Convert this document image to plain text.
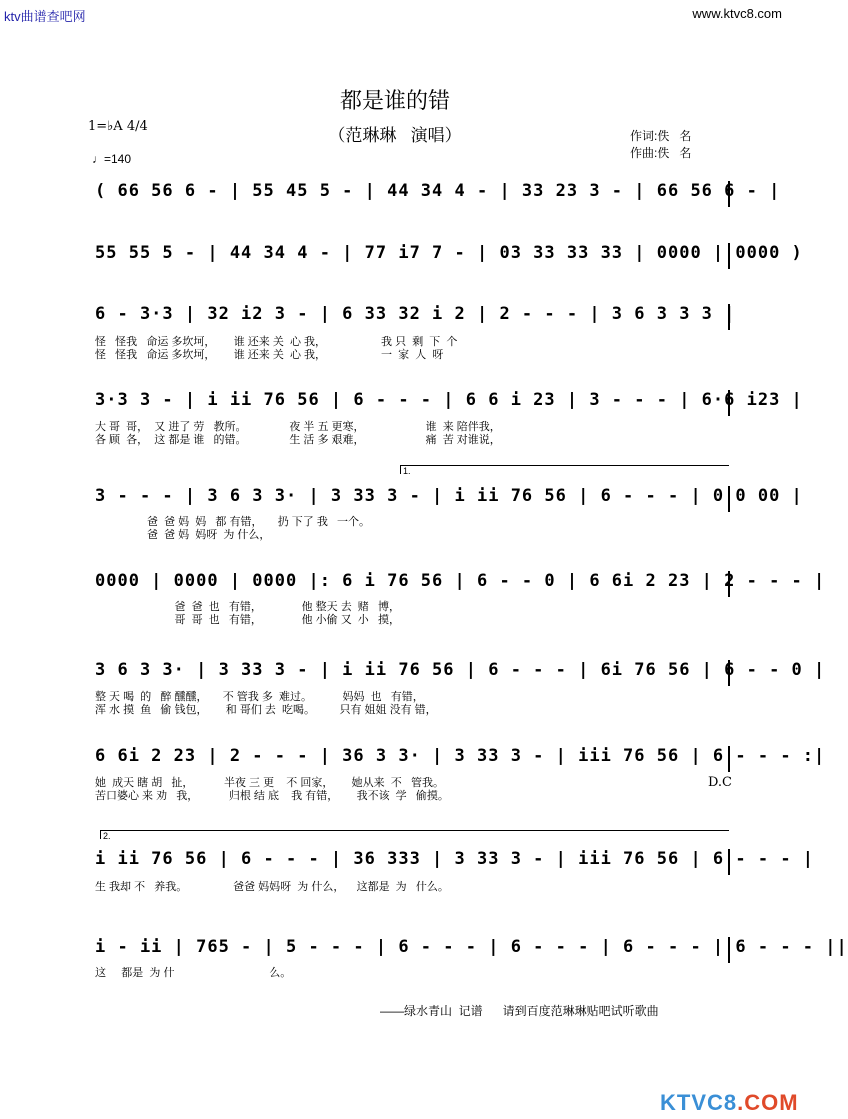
ktv曲谱查吧网	www.ktvc8.com
都是谁的错
（范琳琳   演唱）	作词:佚   名
作曲:佚   名
1=♭A 4/4
♩=140
( 66 56 6 - | 55 45 5 - | 44 34 4 - | 33 23 3 - | 66 56 6 - |
55 55 5 - | 44 34 4 - | 77 i7 7 - | 03 33 33 33 | 0000 | 0000 )
6 - 3·3 | 32 i2 3 - | 6 33 32 i 2 | 2 - - - | 3 6 3 3 3 |
怪   怪我   命运 多坎坷，      谁 还来 关  心 我，                  我 只  剩  下  个
怪   怪我   命运 多坎坷，      谁 还来 关  心 我，                  一  家  人  呀
3·3 3 - | i ii 76 56 | 6 - - - | 6 6 i 23 | 3 - - - | 6·6 i23 |
大 哥  哥，  又 进了 劳   教所。              夜 半 五 更寒，                    谁  来 陪伴我，
各 顾  各，  这 都是 谁   的错。              生 活 多 艰难，                    痛  苦 对谁说，
1.
3 - - - | 3 6 3 3· | 3 33 3 - | i ii 76 56 | 6 - - - | 0 0 00 |
爸  爸 妈  妈   都 有错，     扔 下了 我   一个。
爸  爸 妈  妈呀  为 什么，
0000 | 0000 | 0000 |: 6 i 76 56 | 6 - - 0 | 6 6i 2 23 | 2 - - - |
爸  爸  也   有错，             他 整天 去  赌   博，
哥  哥  也   有错，             他 小偷 又  小   摸，
3 6 3 3· | 3 33 3 - | i ii 76 56 | 6 - - - | 6i 76 56 | 6 - - 0 |
整 天 喝  的   醉 醺醺，     不 管我 多  难过。          妈妈  也   有错，
浑 水 摸  鱼   偷 钱包，      和 哥们 去  吃喝。        只有 姐姐 没有 错，
6 6i 2 23 | 2 - - - | 36 3 3· | 3 33 3 - | iii 76 56 | 6 - - - :|
她  成天 瞎 胡   扯，          半夜 三 更    不 回家，      她从来  不   管我。
苦口婆心 来 劝   我，          归根 结 底    我 有错，      我不该  学   偷摸。
D.C
2.
i ii 76 56 | 6 - - - | 36 333 | 3 33 3 - | iii 76 56 | 6 - - - |
生 我却 不   养我。               爸爸 妈妈呀  为 什么，    这都是  为   什么。
i - ii | 765 - | 5 - - - | 6 - - - | 6 - - - | 6 - - - | 6 - - - ||
这     都是  为 什                               么。
——绿水青山  记谱      请到百度范琳琳贴吧试听歌曲
KTVC8.COM
